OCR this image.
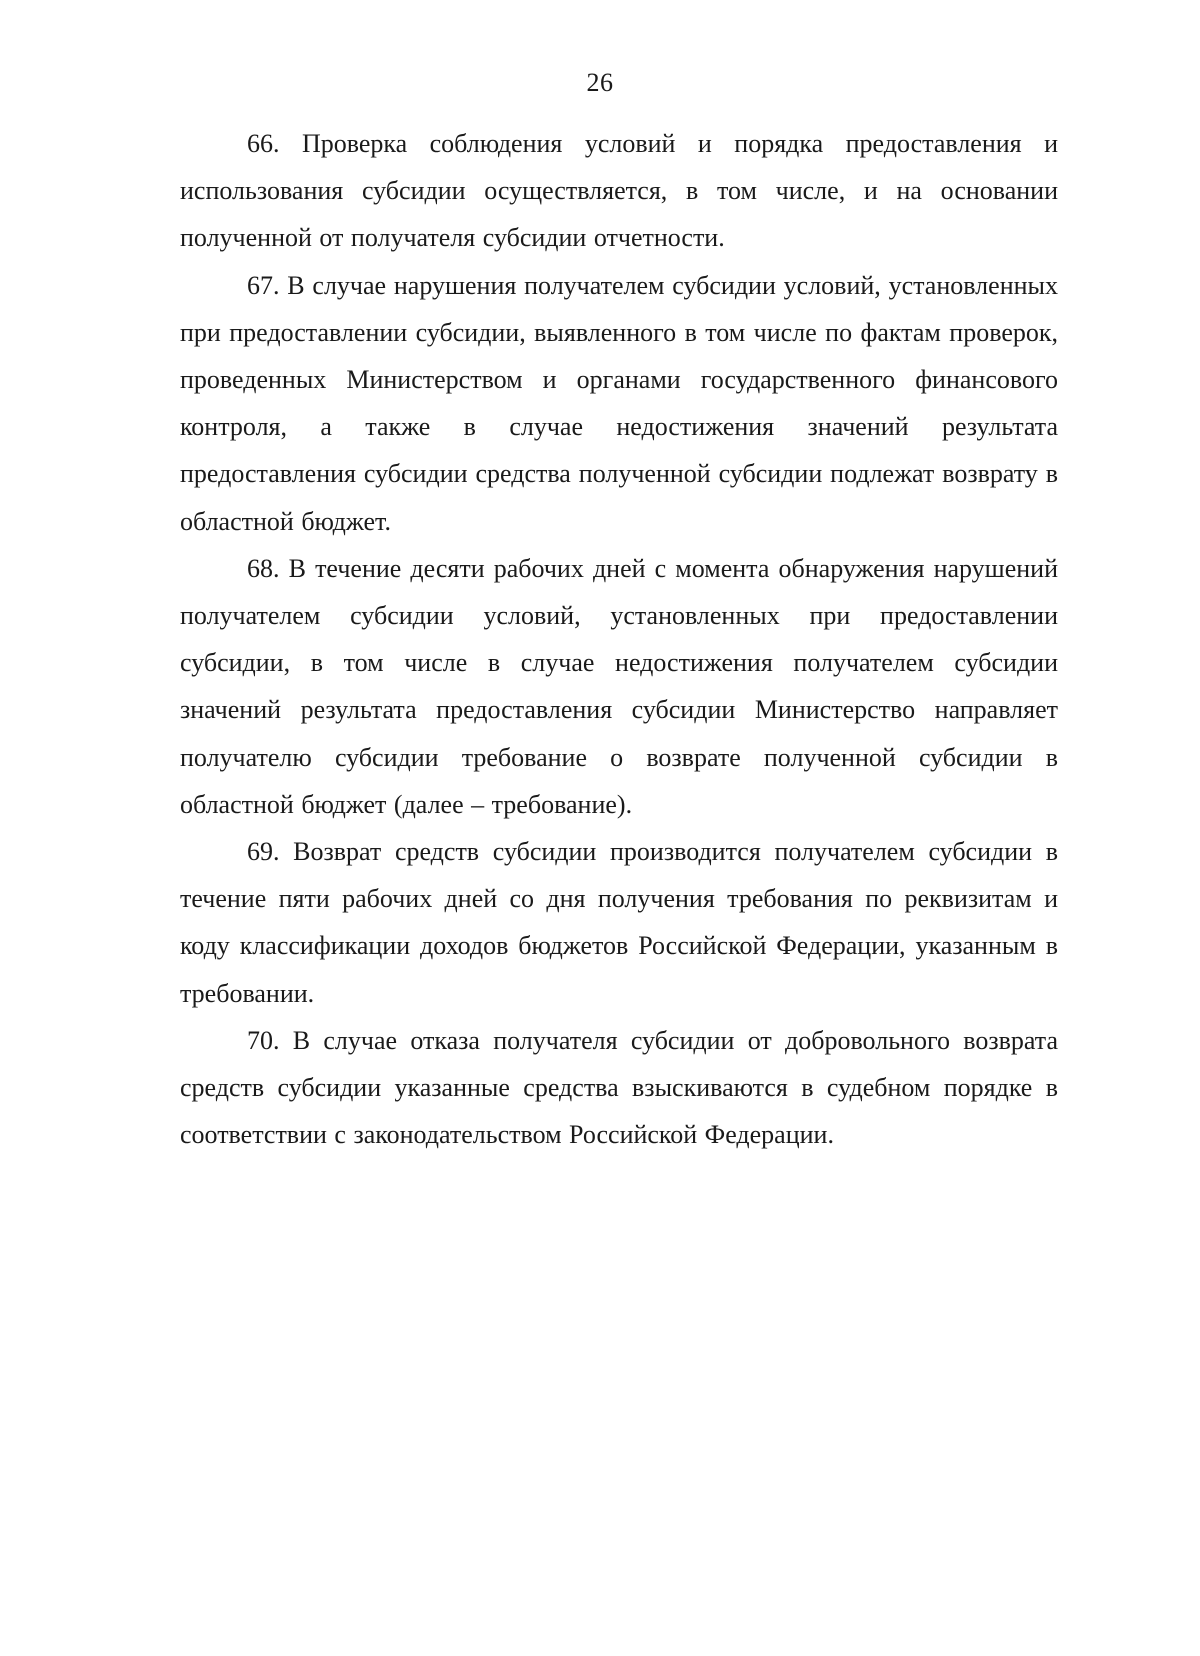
26

66. Проверка соблюдения условий и порядка предоставления и использования субсидии осуществляется, в том числе, и на основании полученной от получателя субсидии отчетности.

67. В случае нарушения получателем субсидии условий, установленных при предоставлении субсидии, выявленного в том числе по фактам проверок, проведенных Министерством и органами государственного финансового контроля, а также в случае недостижения значений результата предоставления субсидии средства полученной субсидии подлежат возврату в областной бюджет.

68. В течение десяти рабочих дней с момента обнаружения нарушений получателем субсидии условий, установленных при предоставлении субсидии, в том числе в случае недостижения получателем субсидии значений результата предоставления субсидии Министерство направляет получателю субсидии требование о возврате полученной субсидии в областной бюджет (далее – требование).

69. Возврат средств субсидии производится получателем субсидии в течение пяти рабочих дней со дня получения требования по реквизитам и коду классификации доходов бюджетов Российской Федерации, указанным в требовании.

70. В случае отказа получателя субсидии от добровольного возврата средств субсидии указанные средства взыскиваются в судебном порядке в соответствии с законодательством Российской Федерации.
